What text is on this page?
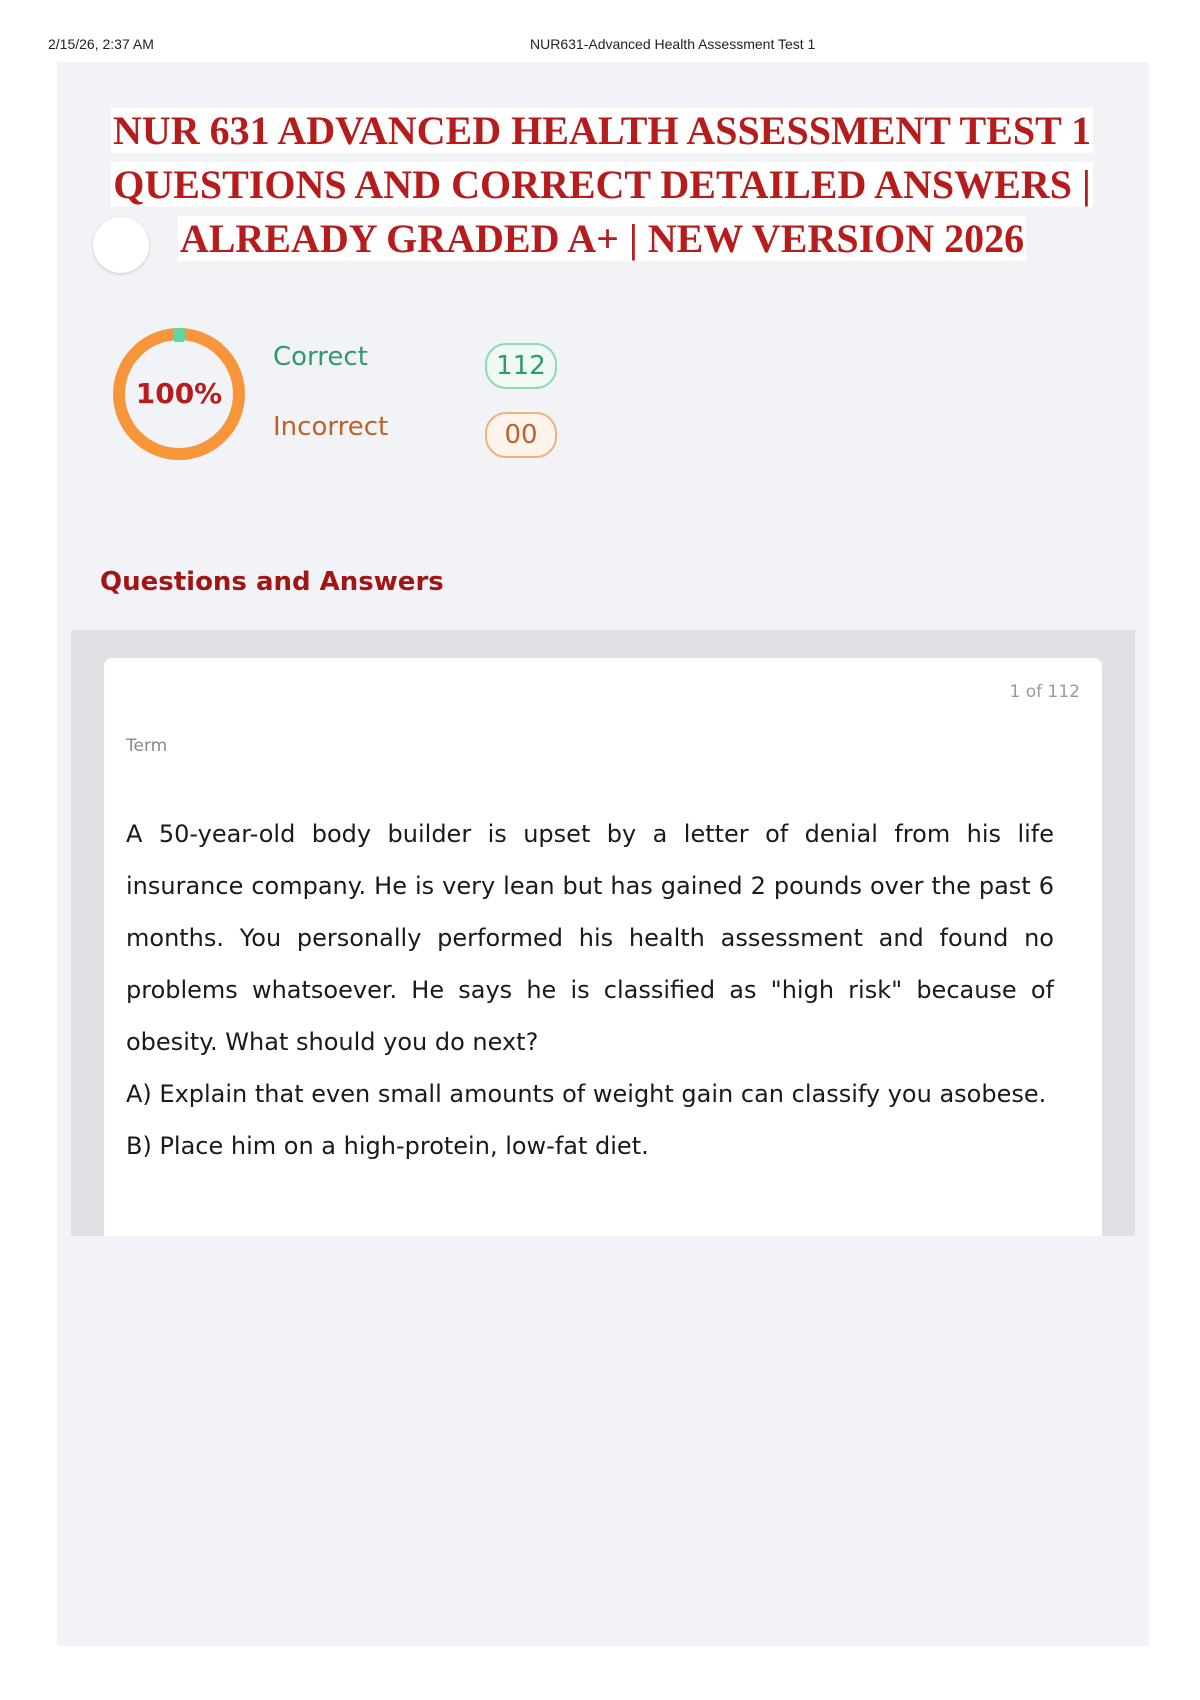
2/15/26, 2:37 AM	NUR631-Advanced Health Assessment Test 1
NUR 631 ADVANCED HEALTH ASSESSMENT TEST 1
QUESTIONS AND CORRECT DETAILED ANSWERS |
ALREADY GRADED A+ | NEW VERSION 2026
100%
Correct	112
Incorrect	00
Questions and Answers
1 of 112
Term
A 50-year-old body builder is upset by a letter of denial from his life insurance company. He is very lean but has gained 2 pounds over the past 6 months. You personally performed his health assessment and found no problems whatsoever. He says he is classified as "high risk" because of obesity. What should you do next?
A) Explain that even small amounts of weight gain can classify you asobese.
B) Place him on a high-protein, low-fat diet.
